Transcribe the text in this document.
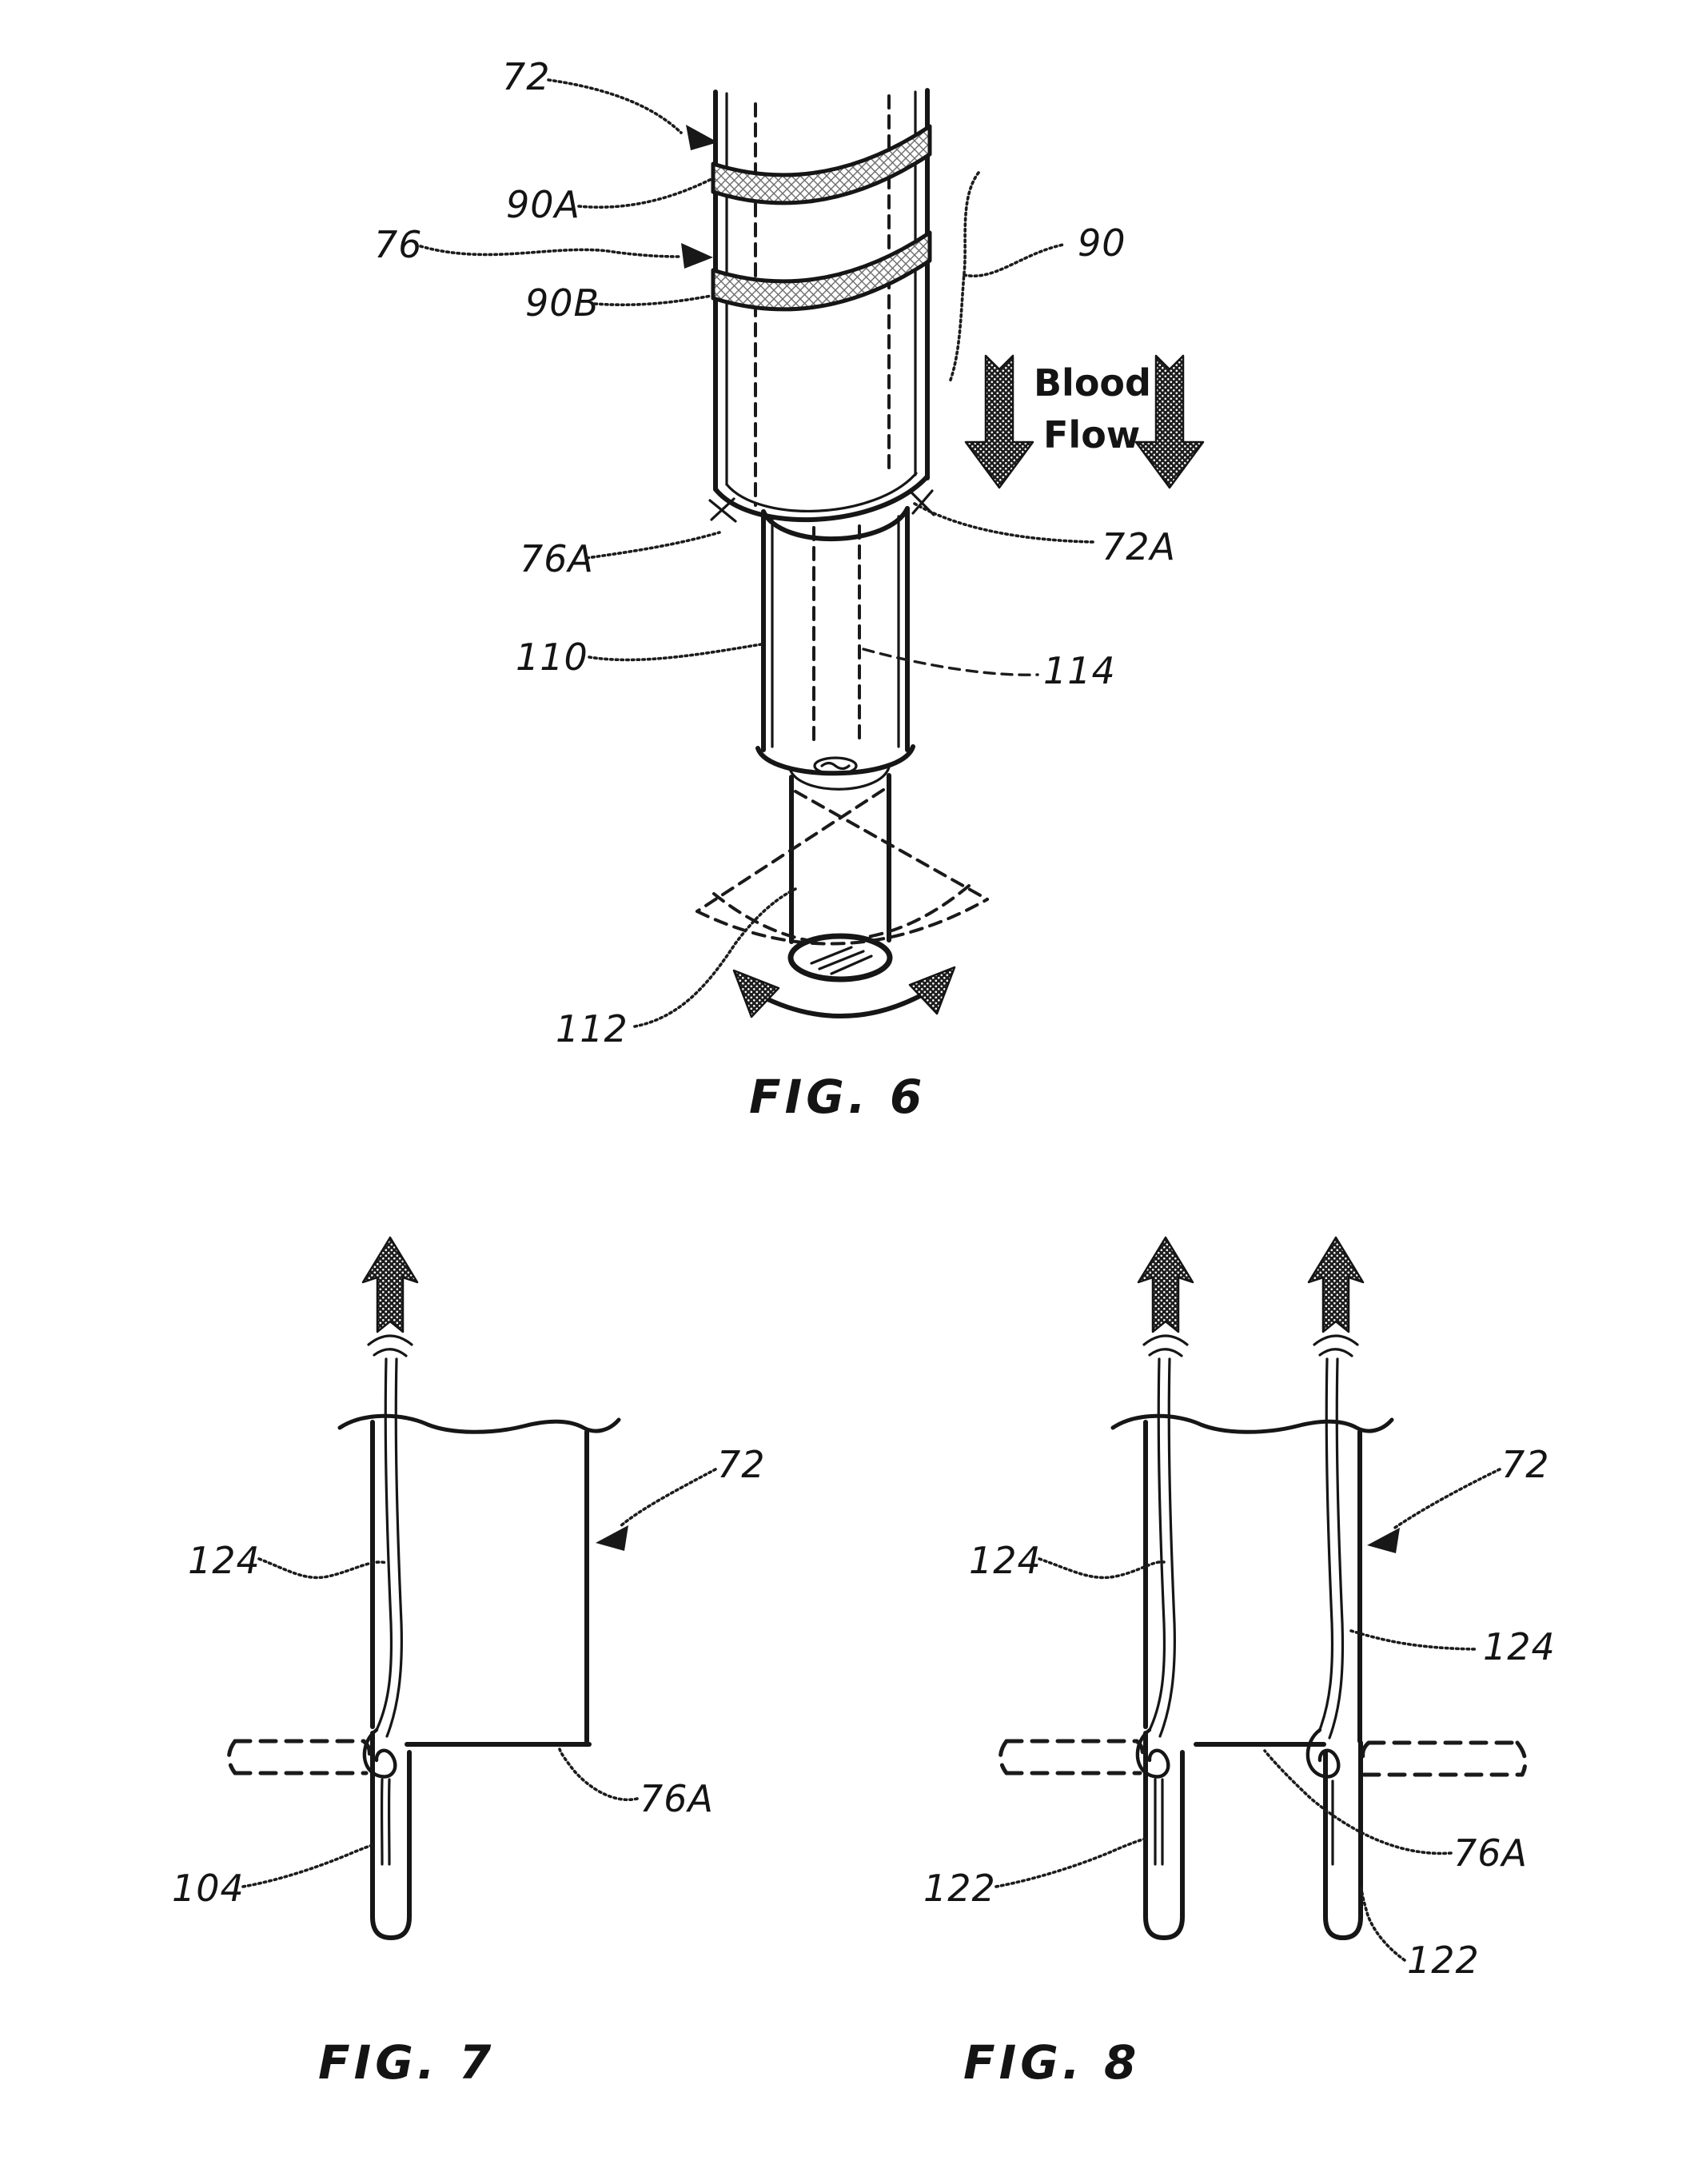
Blood
Flow
72
90A
76
90B
76A
110
112
90
72A
114
FIG. 6
124
104
72
76A
FIG. 7
124
124
72
122
122
76A
FIG. 8
